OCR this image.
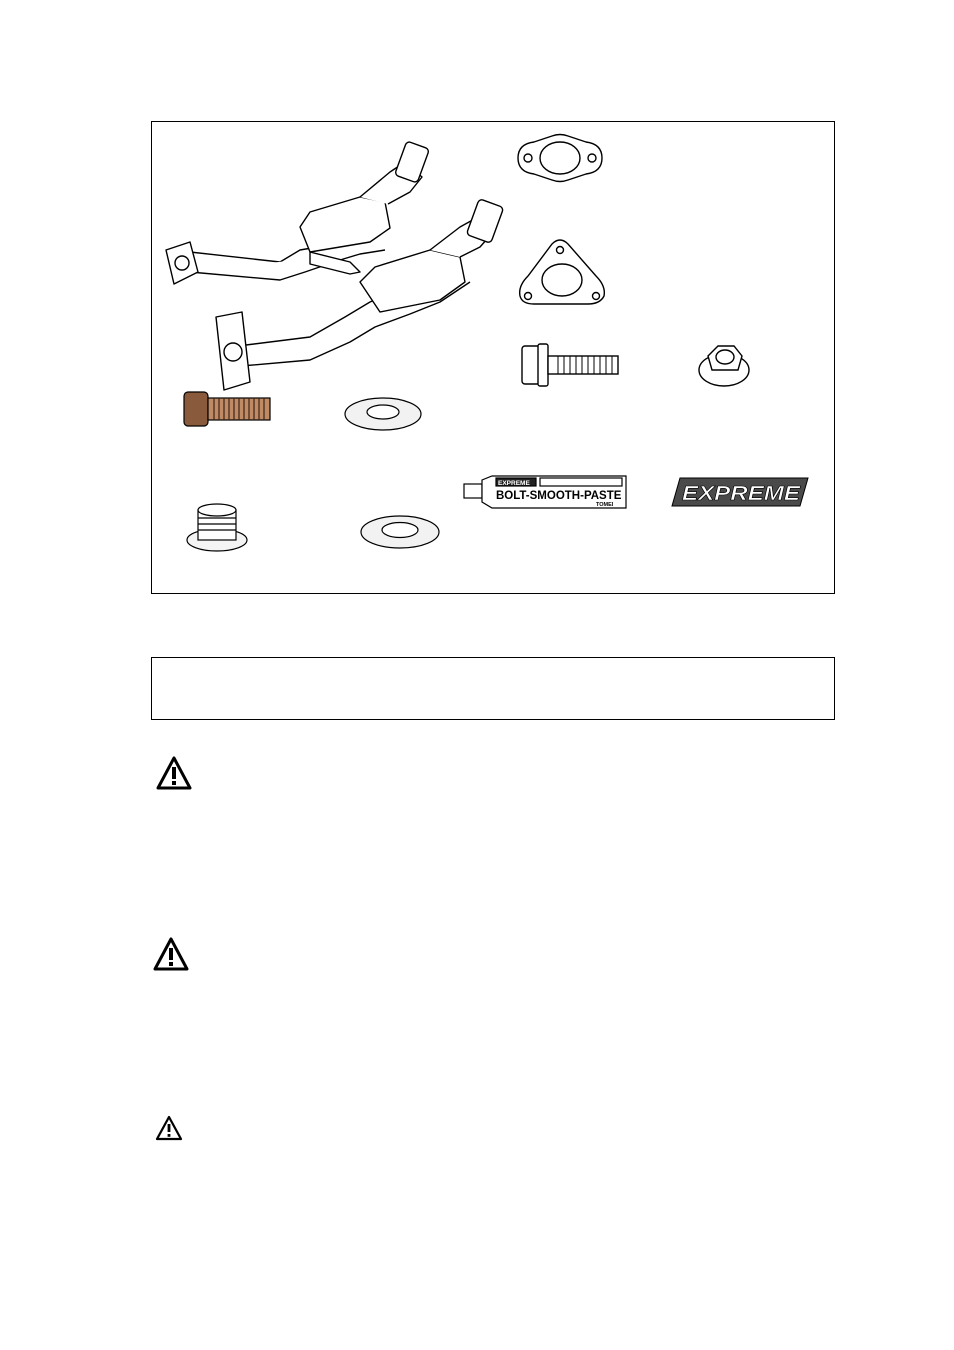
EXPREME
BOLT-SMOOTH-PASTE
TOMEI	EXPREME
